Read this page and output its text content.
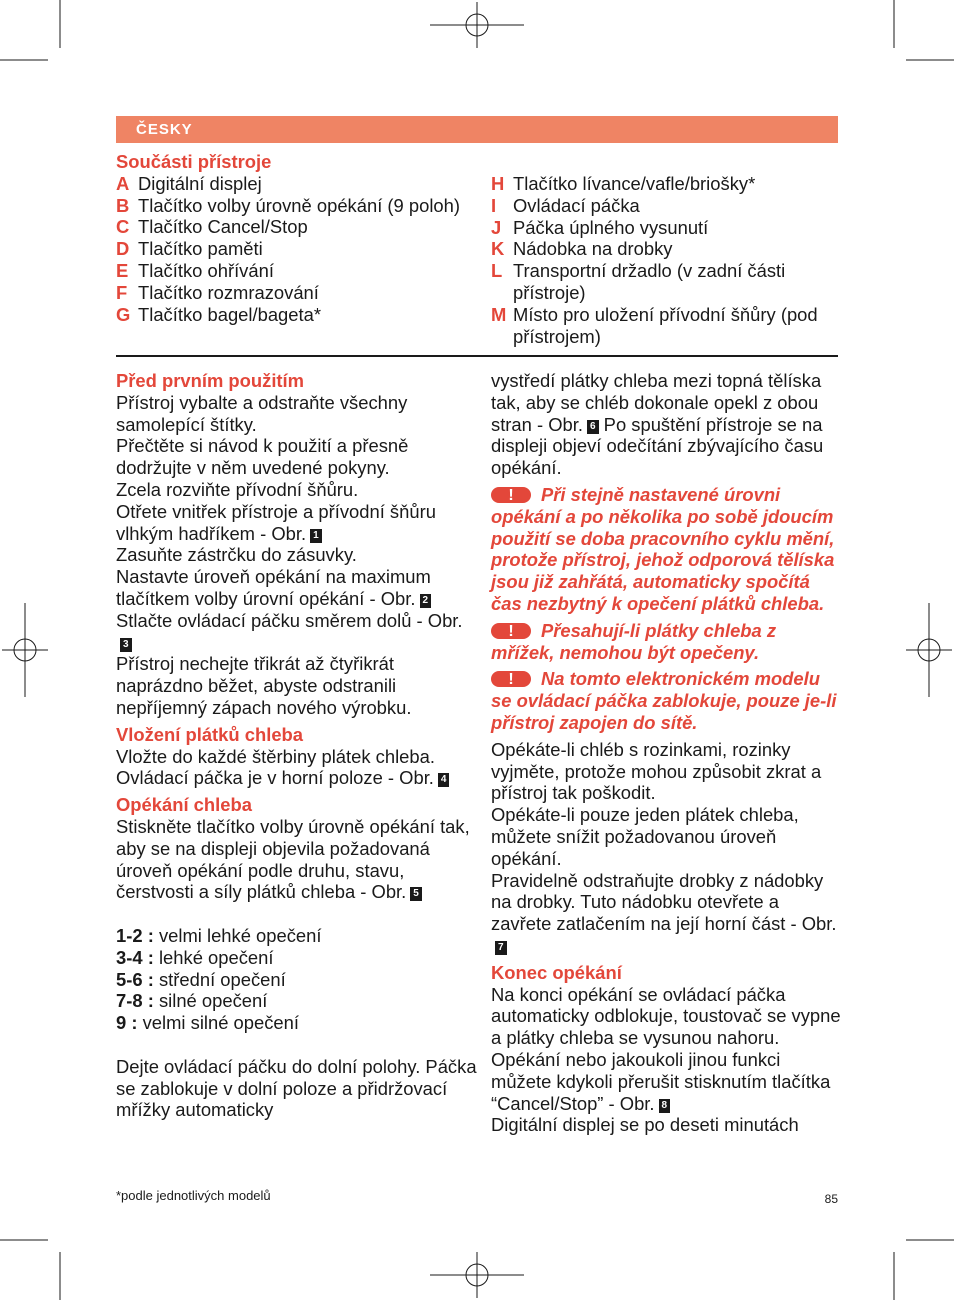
ČESKY
Součásti přístroje
A Digitální displej
B Tlačítko volby úrovně opékání (9 poloh)
C Tlačítko Cancel/Stop
D Tlačítko paměti
E Tlačítko ohřívání
F Tlačítko rozmrazování
G Tlačítko bagel/bageta*
H Tlačítko lívance/vafle/briošky*
I Ovládací páčka
J Páčka úplného vysunutí
K Nádobka na drobky
L Transportní držadlo (v zadní části přístroje)
M Místo pro uložení přívodní šňůry (pod přístrojem)
Před prvním použitím

Přístroj vybalte a odstraňte všechny samolepící štítky.

Přečtěte si návod k použití a přesně dodržujte v něm uvedené pokyny.

Zcela rozviňte přívodní šňůru.

Otřete vnitřek přístroje a přívodní šňůru vlhkým hadříkem - Obr. 1

Zasuňte zástrčku do zásuvky.

Nastavte úroveň opékání na maximum tlačítkem volby úrovní opékání - Obr. 2

Stlačte ovládací páčku směrem dolů - Obr.3

Přístroj nechejte třikrát až čtyřikrát naprázdno běžet, abyste odstranili nepříjemný zápach nového výrobku.

Vložení plátků chleba

Vložte do každé štěrbiny plátek chleba. Ovládací páčka je v horní poloze - Obr. 4

Opékání chleba

Stiskněte tlačítko volby úrovně opékání tak, aby se na displeji objevila požadovaná úroveň opékání podle druhu, stavu, čerstvosti a síly plátků chleba - Obr. 5

1-2 : velmi lehké opečení
3-4 : lehké opečení
5-6 : střední opečení
7-8 : silné opečení
9 : velmi silné opečení

Dejte ovládací páčku do dolní polohy. Páčka se zablokuje v dolní poloze a přidržovací mřížky automaticky

vystředí plátky chleba mezi topná tělíska tak, aby se chléb dokonale opekl z obou stran - Obr. 6 Po spuštění přístroje se na displeji objeví odečítání zbývajícího času opékání.

!Při stejně nastavené úrovni opékání a po několika po sobě jdoucím použití se doba pracovního cyklu mění, protože přístroj, jehož odporová tělíska jsou již zahřátá, automaticky spočítá čas nezbytný k opečení plátků chleba.

!Přesahují-li plátky chleba z mřížek, nemohou být opečeny.

!Na tomto elektronickém modelu se ovládací páčka zablokuje, pouze je-li přístroj zapojen do sítě.

Opékáte-li chléb s rozinkami, rozinky vyjměte, protože mohou způsobit zkrat a přístroj tak poškodit.

Opékáte-li pouze jeden plátek chleba, můžete snížit požadovanou úroveň opékání.

Pravidelně odstraňujte drobky z nádobky na drobky. Tuto nádobku otevřete a zavřete zatlačením na její horní část - Obr.7

Konec opékání

Na konci opékání se ovládací páčka automaticky odblokuje, toustovač se vypne a plátky chleba se vysunou nahoru.

Opékání nebo jakoukoli jinou funkci můžete kdykoli přerušit stisknutím tlačítka “Cancel/Stop” - Obr. 8

Digitální displej se po deseti minutách

*podle jednotlivých modelů	85
